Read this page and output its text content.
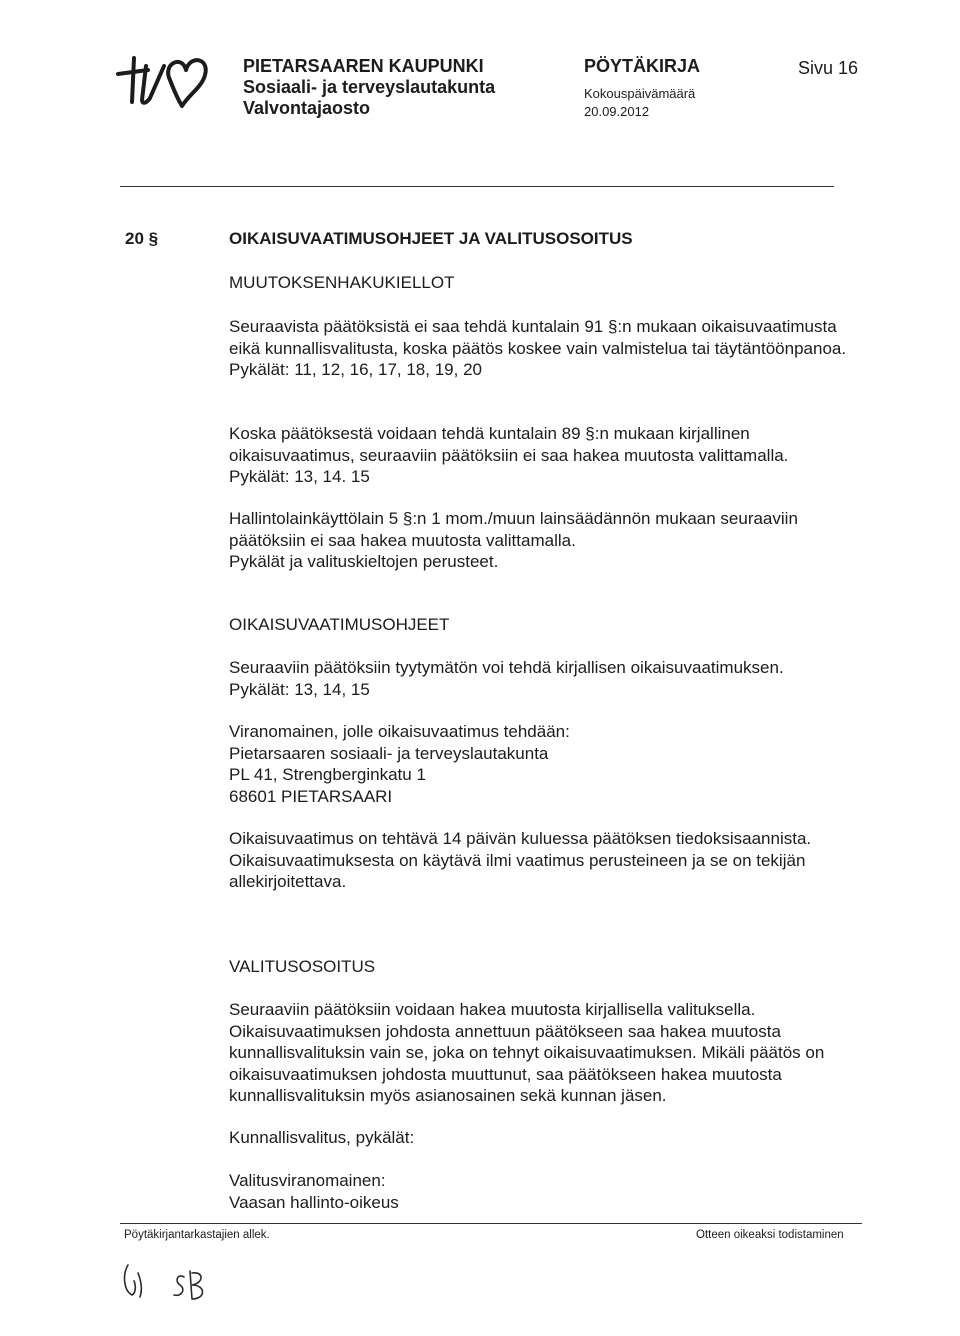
PIETARSAAREN KAUPUNKI
Sosiaali- ja terveyslautakunta
Valvontajaosto
PÖYTÄKIRJA
Kokouspäivämäärä
20.09.2012
Sivu 16
20 §	OIKAISUVAATIMUSOHJEET JA VALITUSOSOITUS
MUUTOKSENHAKUKIELLOT

Seuraavista päätöksistä ei saa tehdä kuntalain 91 §:n mukaan oikaisuvaatimusta eikä kunnallisvalitusta, koska päätös koskee vain valmistelua tai täytäntöönpanoa.

Pykälät: 11, 12, 16, 17, 18, 19, 20

Koska päätöksestä voidaan tehdä kuntalain 89 §:n mukaan kirjallinen oikaisuvaatimus, seuraaviin päätöksiin ei saa hakea muutosta valittamalla.

Pykälät: 13, 14. 15

Hallintolainkäyttölain 5 §:n 1 mom./muun lainsäädännön mukaan seuraaviin päätöksiin ei saa hakea muutosta valittamalla.

Pykälät ja valituskieltojen perusteet.

OIKAISUVAATIMUSOHJEET

Seuraaviin päätöksiin tyytymätön voi tehdä kirjallisen oikaisuvaatimuksen.

Pykälät: 13, 14, 15

Viranomainen, jolle oikaisuvaatimus tehdään:

Pietarsaaren sosiaali- ja terveyslautakunta

PL 41, Strengberginkatu 1

68601 PIETARSAARI

Oikaisuvaatimus on tehtävä 14 päivän kuluessa päätöksen tiedoksisaannista.

Oikaisuvaatimuksesta on käytävä ilmi vaatimus perusteineen ja se on tekijän allekirjoitettava.

VALITUSOSOITUS

Seuraaviin päätöksiin voidaan hakea muutosta kirjallisella valituksella. Oikaisuvaatimuksen johdosta annettuun päätökseen saa hakea muutosta kunnallisvalituksin vain se, joka on tehnyt oikaisuvaatimuksen. Mikäli päätös on oikaisuvaatimuksen johdosta muuttunut, saa päätökseen hakea muutosta kunnallisvalituksin myös asianosainen sekä kunnan jäsen.

Kunnallisvalitus, pykälät:

Valitusviranomainen:

Vaasan hallinto-oikeus

Pöytäkirjantarkastajien allek.	Otteen oikeaksi todistaminen
